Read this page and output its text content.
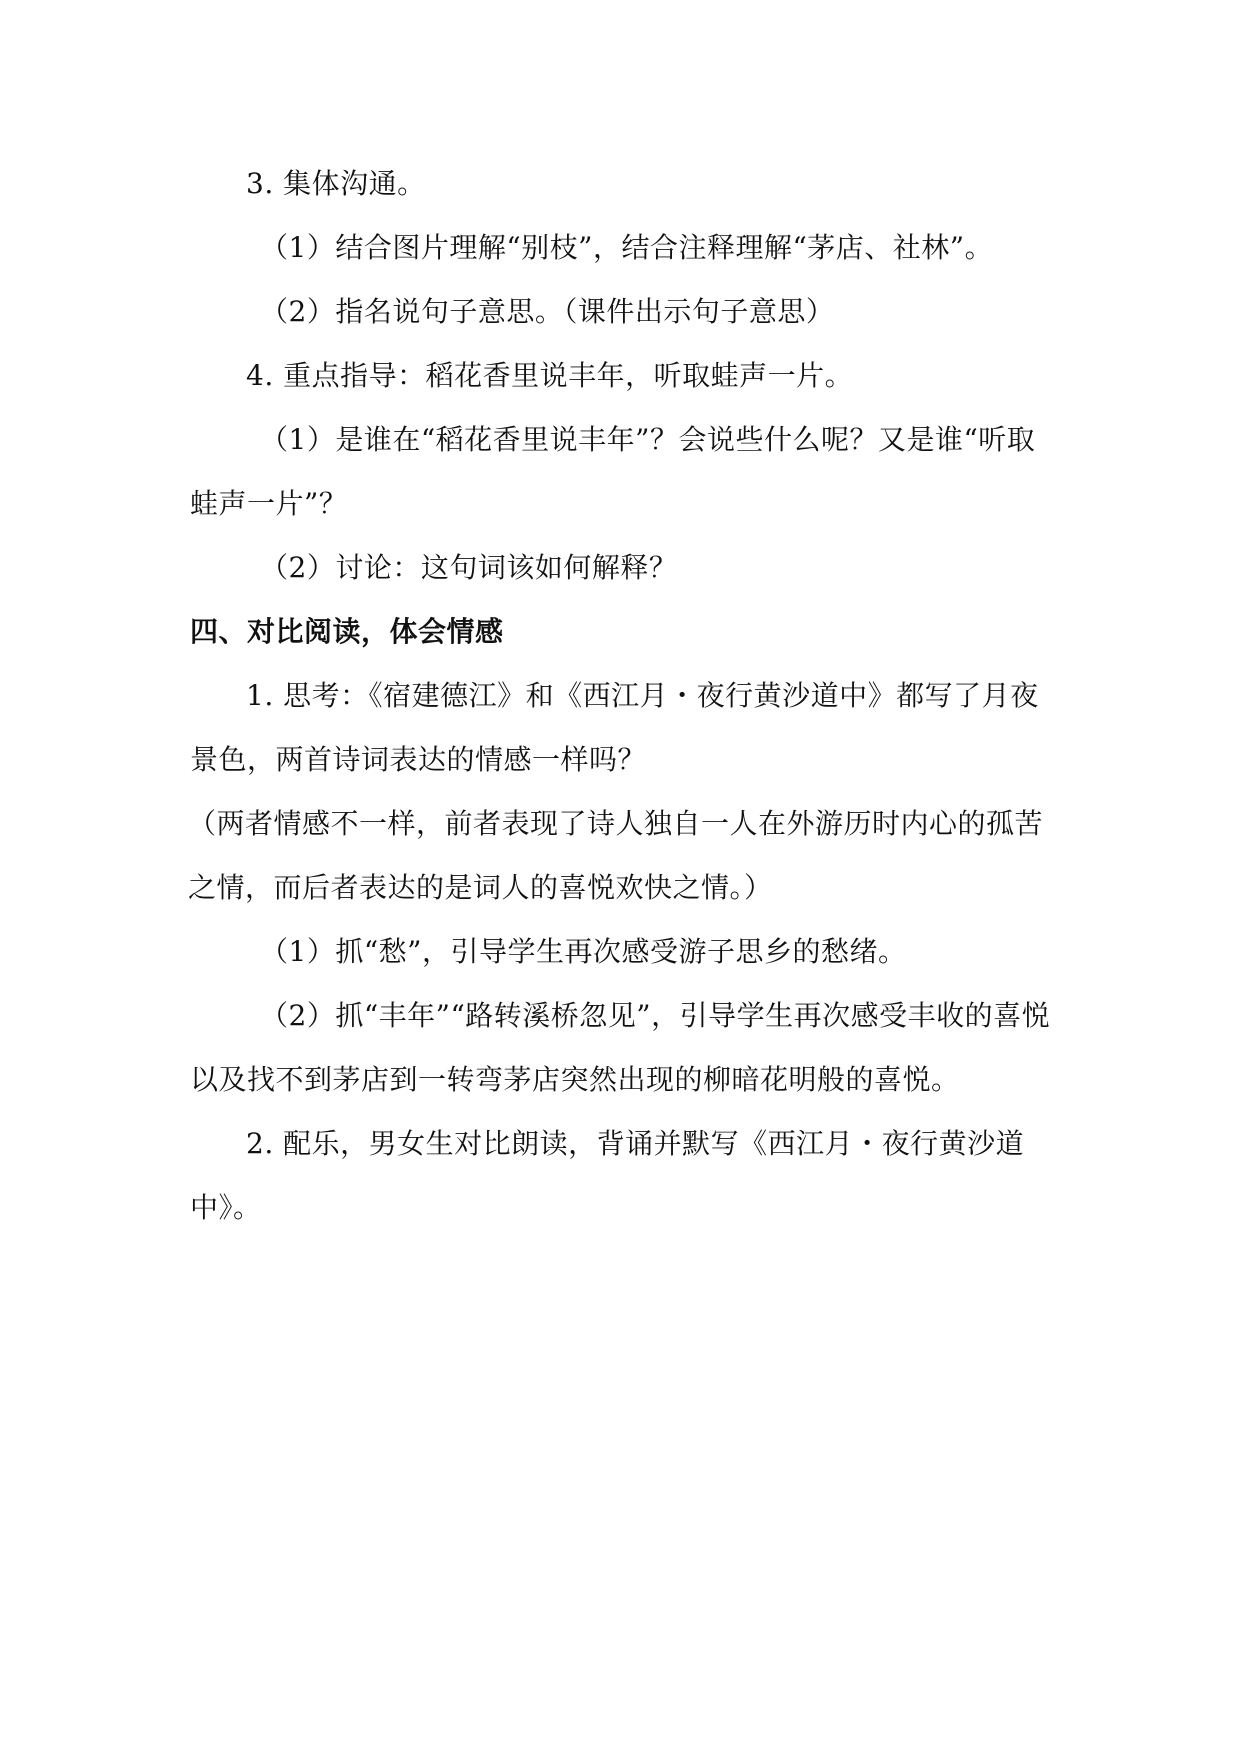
3. 集体沟通。

（1）结合图片理解“别枝”，结合注释理解“茅店、社林”。

（2）指名说句子意思。（课件出示句子意思）

4. 重点指导：稻花香里说丰年，听取蛙声一片。

（1）是谁在“稻花香里说丰年”？会说些什么呢？又是谁“听取蛙声一片”？

（2）讨论：这句词该如何解释？

四、对比阅读，体会情感

1. 思考：《宿建德江》和《西江月・夜行黄沙道中》都写了月夜景色，两首诗词表达的情感一样吗？

（两者情感不一样，前者表现了诗人独自一人在外游历时内心的孤苦之情，而后者表达的是词人的喜悦欢快之情。）

（1）抓“愁”，引导学生再次感受游子思乡的愁绪。

（2）抓“丰年”“路转溪桥忽见”，引导学生再次感受丰收的喜悦以及找不到茅店到一转弯茅店突然出现的柳暗花明般的喜悦。

2. 配乐，男女生对比朗读，背诵并默写《西江月・夜行黄沙道中》。
